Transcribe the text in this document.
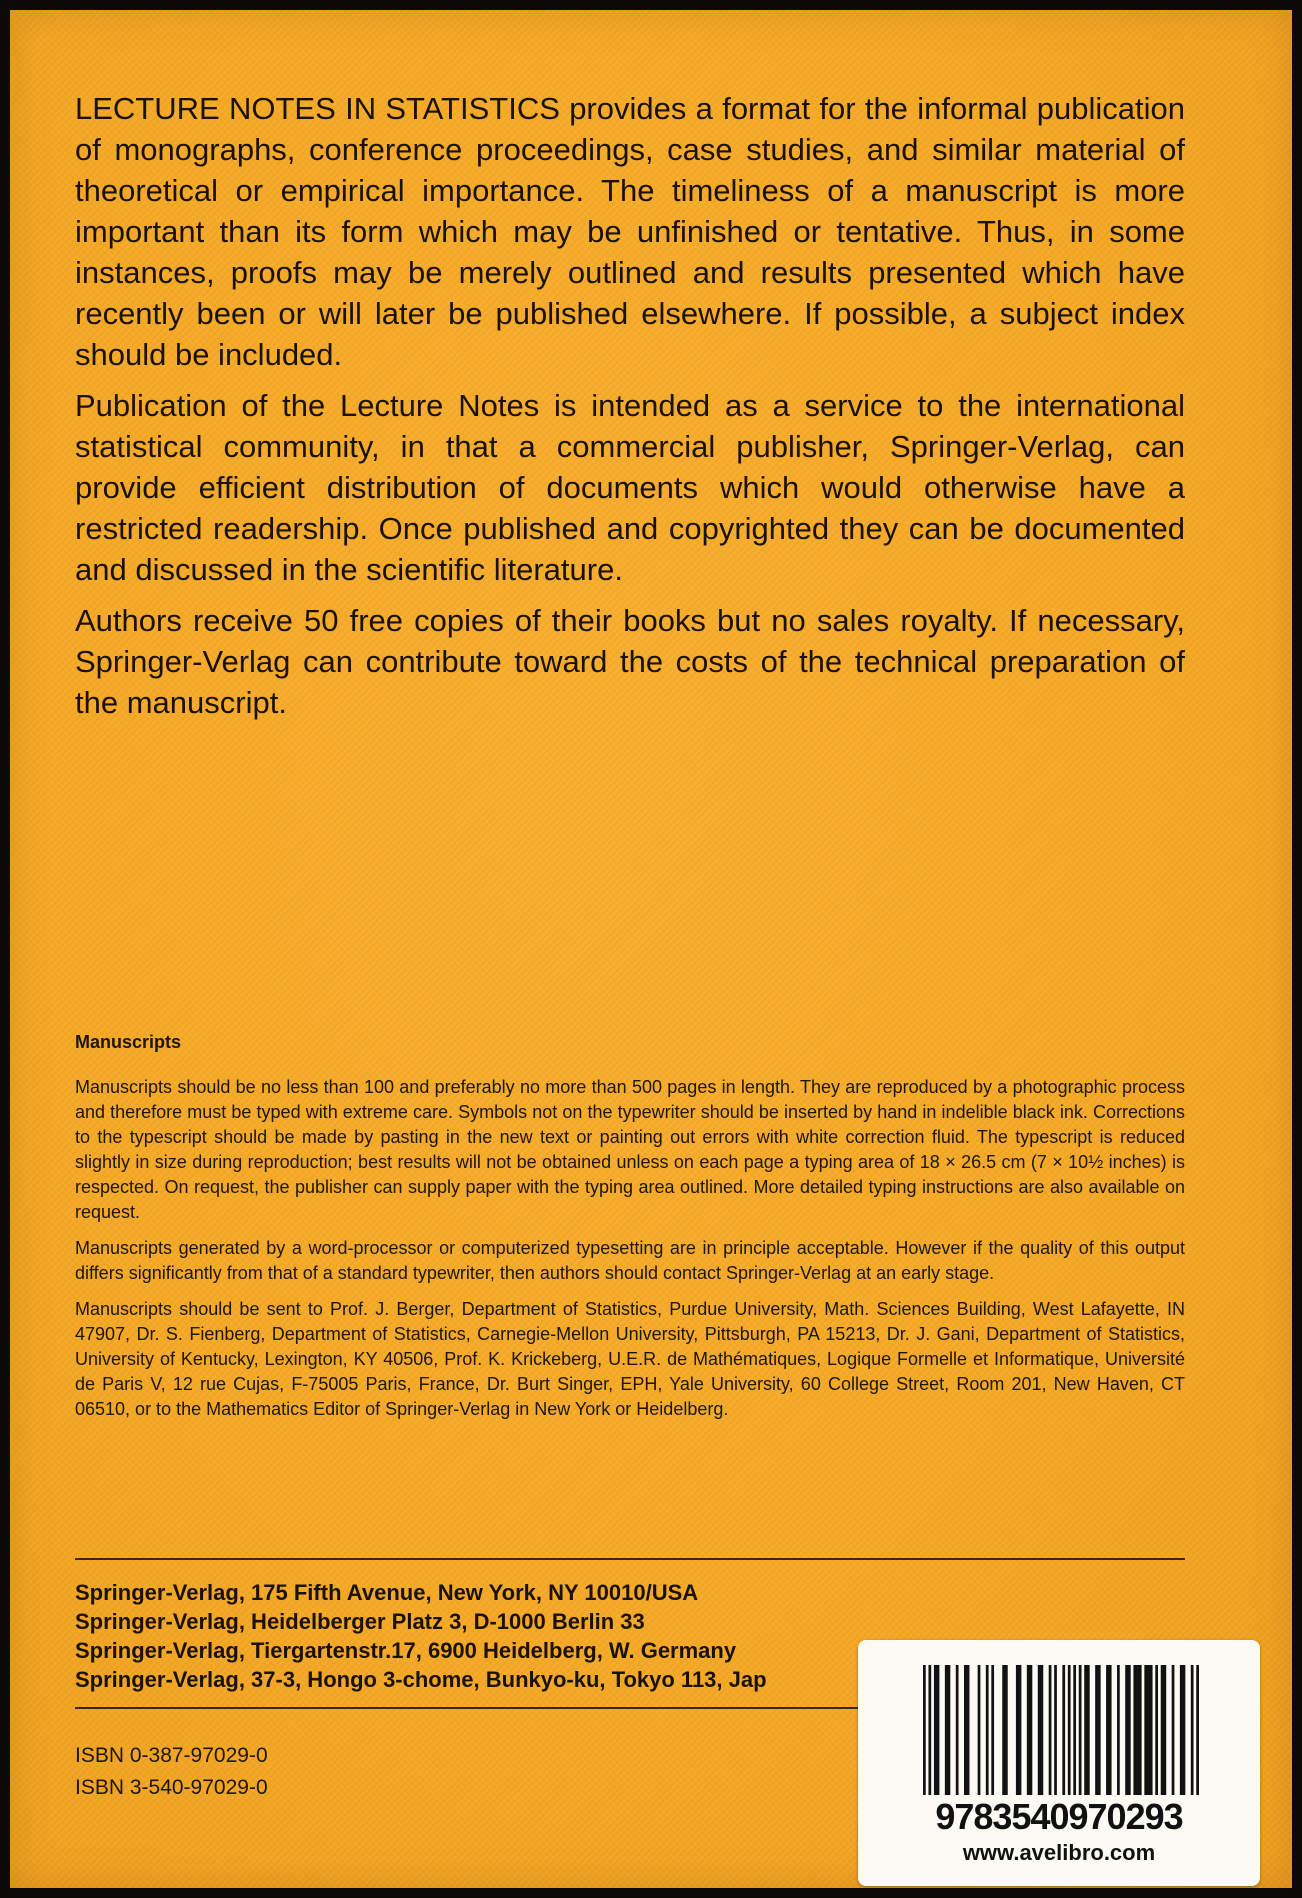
LECTURE NOTES IN STATISTICS provides a format for the informal publication of monographs, conference proceedings, case studies, and similar material of theoretical or empirical importance. The timeliness of a manuscript is more important than its form which may be unfinished or tentative. Thus, in some instances, proofs may be merely outlined and results presented which have recently been or will later be published elsewhere. If possible, a subject index should be included.

Publication of the Lecture Notes is intended as a service to the international statistical community, in that a commercial publisher, Springer-Verlag, can provide efficient distribution of documents which would otherwise have a restricted readership. Once published and copyrighted they can be documented and discussed in the scientific literature.

Authors receive 50 free copies of their books but no sales royalty. If necessary, Springer-Verlag can contribute toward the costs of the technical preparation of the manuscript.

Manuscripts

Manuscripts should be no less than 100 and preferably no more than 500 pages in length. They are reproduced by a photographic process and therefore must be typed with extreme care. Symbols not on the typewriter should be inserted by hand in indelible black ink. Corrections to the typescript should be made by pasting in the new text or painting out errors with white correction fluid. The typescript is reduced slightly in size during reproduction; best results will not be obtained unless on each page a typing area of 18 × 26.5 cm (7 × 10½ inches) is respected. On request, the publisher can supply paper with the typing area outlined. More detailed typing instructions are also available on request.

Manuscripts generated by a word-processor or computerized typesetting are in principle acceptable. However if the quality of this output differs significantly from that of a standard typewriter, then authors should contact Springer-Verlag at an early stage.

Manuscripts should be sent to Prof. J. Berger, Department of Statistics, Purdue University, Math. Sciences Building, West Lafayette, IN 47907, Dr. S. Fienberg, Department of Statistics, Carnegie-Mellon University, Pittsburgh, PA 15213, Dr. J. Gani, Department of Statistics, University of Kentucky, Lexington, KY 40506, Prof. K. Krickeberg, U.E.R. de Mathématiques, Logique Formelle et Informatique, Université de Paris V, 12 rue Cujas, F-75005 Paris, France, Dr. Burt Singer, EPH, Yale University, 60 College Street, Room 201, New Haven, CT 06510, or to the Mathematics Editor of Springer-Verlag in New York or Heidelberg.

Springer-Verlag, 175 Fifth Avenue, New York, NY 10010/USA
Springer-Verlag, Heidelberger Platz 3, D-1000 Berlin 33
Springer-Verlag, Tiergartenstr.17, 6900 Heidelberg, W. Germany
Springer-Verlag, 37-3, Hongo 3-chome, Bunkyo-ku, Tokyo 113, Jap
ISBN 0-387-97029-0
ISBN 3-540-97029-0
9783540970293
www.avelibro.com
